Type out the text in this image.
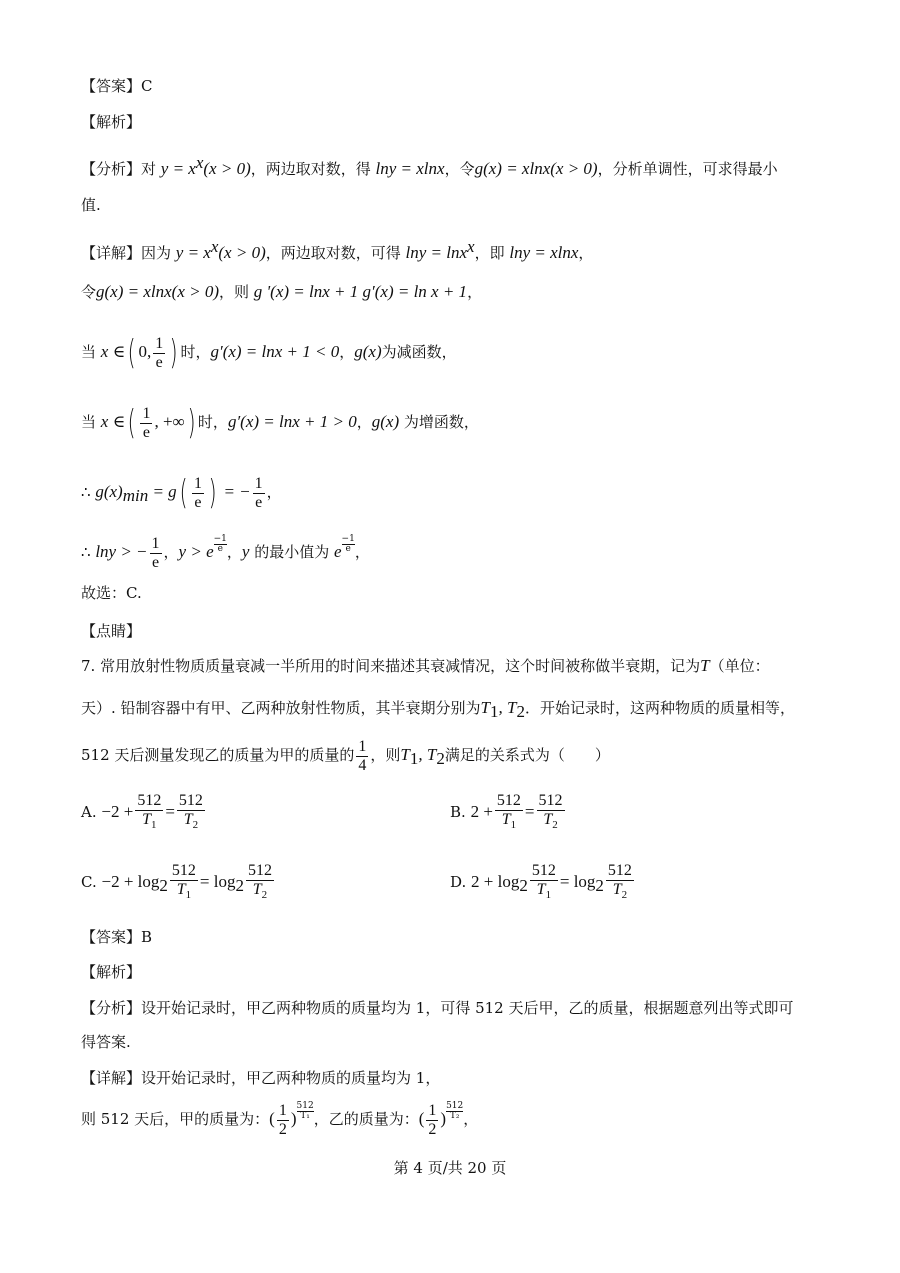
【答案】C
【解析】
【分析】对 $y = x^x(x > 0)$，两边取对数，得 lny = xlnx，令g(x) = xlnx(x > 0)，分析单调性，可求得最小
值.
【详解】因为 $y = x^x(x > 0)$，两边取对数，可得 lny = lnx$^x$，即 lny = xlnx，
令g(x) = xlnx(x > 0)，则 g '(x) = lnx + 1 g′(x) = ln x + 1，
当 x ∈( 0, $\frac{1}{e}$ ) 时，g′(x) = lnx + 1 < 0，g(x)为减函数，
当 x ∈( $\frac{1}{e}$ , +∞) 时，g′(x) = lnx + 1 > 0，g(x) 为增函数，
∴ $g(x)_{min} = g( \frac{1}{e}$ ) = − $\frac{1}{e}$ ，
∴ lny > − $\frac{1}{e}$ ，y > e $\frac{-1}{e}$ ，y 的最小值为 e $\frac{-1}{e}$ ，
故选：C.
【点睛】
7. 常用放射性物质质量衰减一半所用的时间来描述其衰减情况，这个时间被称做半衰期，记为T（单位：
天）. 铅制容器中有甲、乙两种放射性物质，其半衰期分别为$T_1$, $T_2$．开始记录时，这两种物质的质量相等，
512 天后测量发现乙的质量为甲的质量的 $\frac{1}{4}$ ，则$T_1$, $T_2$满足的关系式为（　　）
A. $-2 + \frac{512}{T_1} = \frac{512}{T_2}$	B. $2 + \frac{512}{T_1} = \frac{512}{T_2}$
C. $-2 + \log_2 \frac{512}{T_1} = \log_2 \frac{512}{T_2}$	D. $2 + \log_2 \frac{512}{T_1} = \log_2 \frac{512}{T_2}$
【答案】B
【解析】
【分析】设开始记录时，甲乙两种物质的质量均为 1，可得 512 天后甲，乙的质量，根据题意列出等式即可
得答案.
【详解】设开始记录时，甲乙两种物质的质量均为 1，
则 512 天后，甲的质量为：( $\frac{1}{2}$ ) $\frac{512}{\text{T₁}}$ ，乙的质量为：( $\frac{1}{2}$ ) $\frac{512}{\text{T₂}}$ ，
第 4 页/共 20 页
